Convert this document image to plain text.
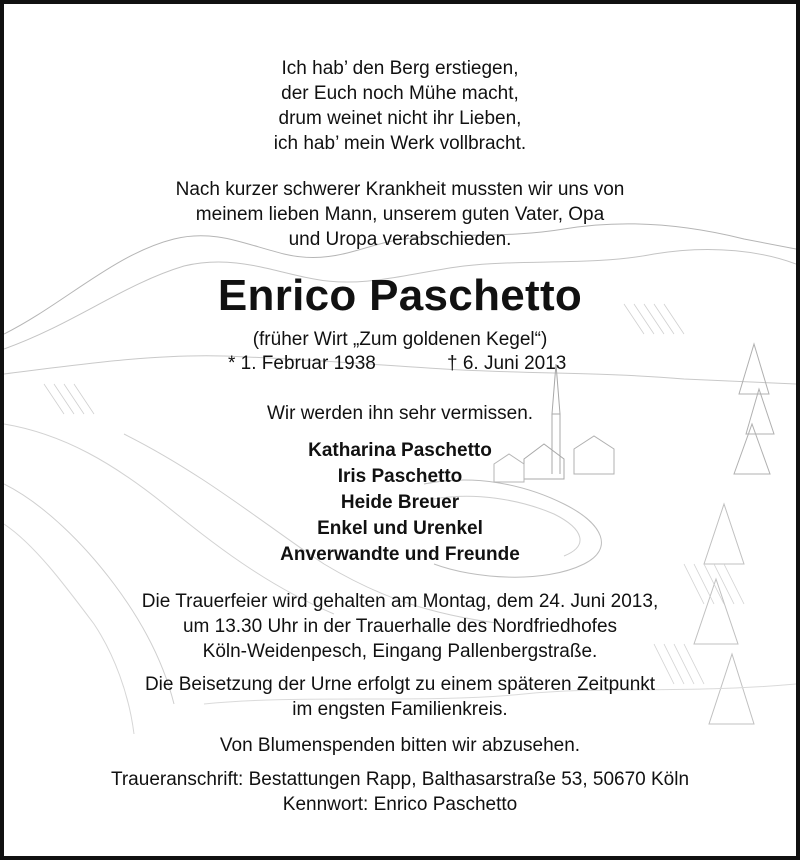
Ich hab’ den Berg erstiegen,
der Euch noch Mühe macht,
drum weinet nicht ihr Lieben,
ich hab’ mein Werk vollbracht.
Nach kurzer schwerer Krankheit mussten wir uns von
meinem lieben Mann, unserem guten Vater, Opa
und Uropa verabschieden.
Enrico Paschetto
(früher Wirt „Zum goldenen Kegel“)
* 1. Februar 1938	† 6. Juni 2013
Wir werden ihn sehr vermissen.
Katharina Paschetto
Iris Paschetto
Heide Breuer
Enkel und Urenkel
Anverwandte und Freunde
Die Trauerfeier wird gehalten am Montag, dem 24. Juni 2013,
um 13.30 Uhr in der Trauerhalle des Nordfriedhofes
Köln-Weidenpesch, Eingang Pallenbergstraße.
Die Beisetzung der Urne erfolgt zu einem späteren Zeitpunkt
im engsten Familienkreis.
Von Blumenspenden bitten wir abzusehen.
Traueranschrift: Bestattungen Rapp, Balthasarstraße 53, 50670 Köln
Kennwort: Enrico Paschetto
